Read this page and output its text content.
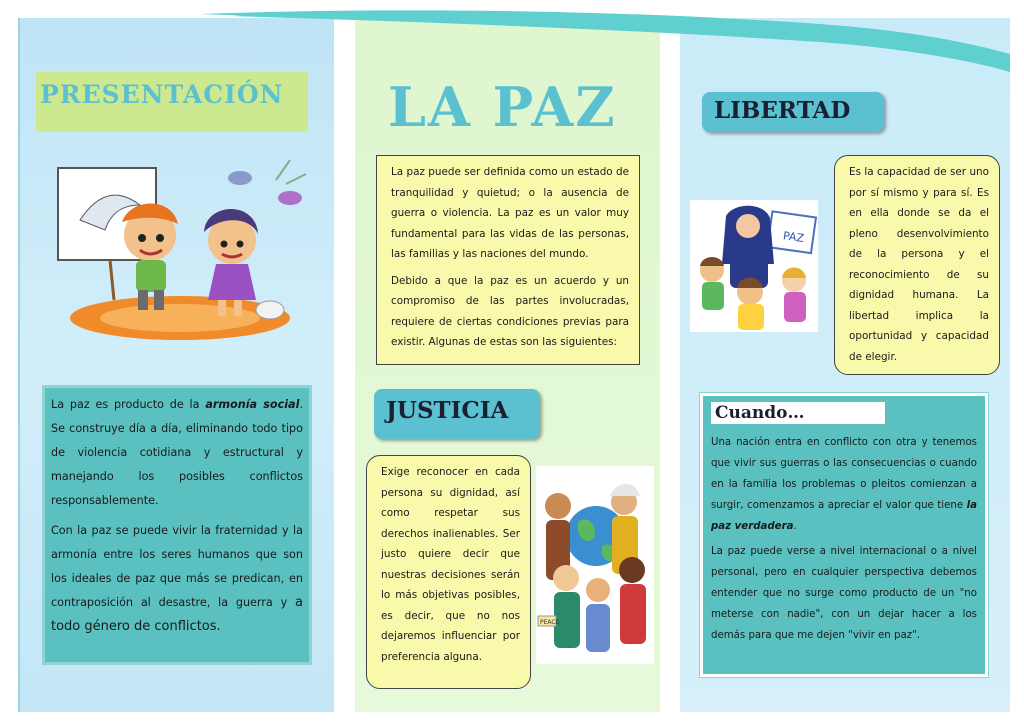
PRESENTACIÓN

La paz es producto de la armonía social. Se construye día a día, eliminando todo tipo de violencia cotidiana y estructural y manejando los posibles conflictos responsablemente.

Con la paz se puede vivir la fraternidad y la armonía entre los seres humanos que son los ideales de paz que más se predican, en contraposición al desastre, la guerra y a todo género de conflictos.

LA PAZ

La paz puede ser definida como un estado de tranquilidad y quietud; o la ausencia de guerra o violencia. La paz es un valor muy fundamental para las vidas de las personas, las familias y las naciones del mundo.

Debido a que la paz es un acuerdo y un compromiso de las partes involucradas, requiere de ciertas condiciones previas para existir. Algunas de estas son las siguientes:

JUSTICIA

Exige reconocer en cada persona su dignidad, así como respetar sus derechos inalienables. Ser justo quiere decir que nuestras decisiones serán lo más objetivas posibles, es decir, que no nos dejaremos influenciar por preferencia alguna.

PEACE
LIBERTAD
PAZ

Es la capacidad de ser uno por sí mismo y para sí. Es en ella donde se da el pleno desenvolvimiento de la persona y el reconocimiento de su dignidad humana. La libertad implica la oportunidad y capacidad de elegir.

Cuando…

Una nación entra en conflicto con otra y tenemos que vivir sus guerras o las consecuencias o cuando en la familia los problemas o pleitos comienzan a surgir, comenzamos a apreciar el valor que tiene la paz verdadera.

La paz puede verse a nivel internacional o a nivel personal, pero en cualquier perspectiva debemos entender que no surge como producto de un "no meterse con nadie", con un dejar hacer a los demás para que me dejen "vivir en paz".
